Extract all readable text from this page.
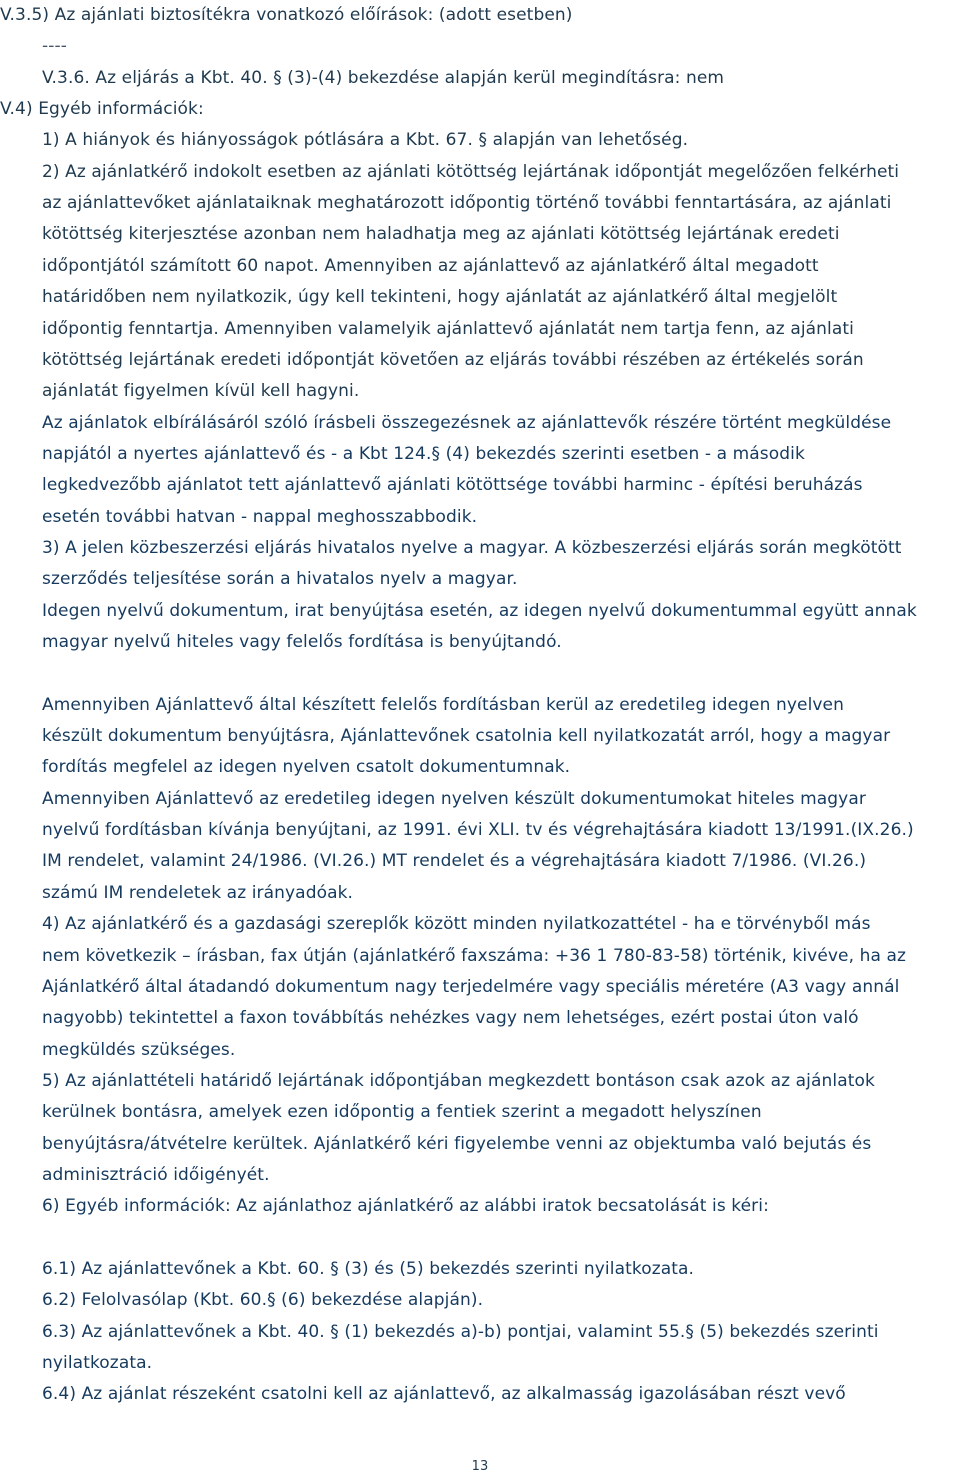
V.3.5) Az ajánlati biztosítékra vonatkozó előírások: (adott esetben)
----
V.3.6. Az eljárás a Kbt. 40. § (3)-(4) bekezdése alapján kerül megindításra: nem
V.4) Egyéb információk:
1) A hiányok és hiányosságok pótlására a Kbt. 67. § alapján van lehetőség.
2) Az ajánlatkérő indokolt esetben az ajánlati kötöttség lejártának időpontját megelőzően felkérheti
az ajánlattevőket ajánlataiknak meghatározott időpontig történő további fenntartására, az ajánlati
kötöttség kiterjesztése azonban nem haladhatja meg az ajánlati kötöttség lejártának eredeti
időpontjától számított 60 napot. Amennyiben az ajánlattevő az ajánlatkérő által megadott
határidőben nem nyilatkozik, úgy kell tekinteni, hogy ajánlatát az ajánlatkérő által megjelölt
időpontig fenntartja. Amennyiben valamelyik ajánlattevő ajánlatát nem tartja fenn, az ajánlati
kötöttség lejártának eredeti időpontját követően az eljárás további részében az értékelés során
ajánlatát figyelmen kívül kell hagyni.
Az ajánlatok elbírálásáról szóló írásbeli összegezésnek az ajánlattevők részére történt megküldése
napjától a nyertes ajánlattevő és - a Kbt 124.§ (4) bekezdés szerinti esetben - a második
legkedvezőbb ajánlatot tett ajánlattevő ajánlati kötöttsége további harminc - építési beruházás
esetén további hatvan - nappal meghosszabbodik.
3) A jelen közbeszerzési eljárás hivatalos nyelve a magyar. A közbeszerzési eljárás során megkötött
szerződés teljesítése során a hivatalos nyelv a magyar.
Idegen nyelvű dokumentum, irat benyújtása esetén, az idegen nyelvű dokumentummal együtt annak
magyar nyelvű hiteles vagy felelős fordítása is benyújtandó.
Amennyiben Ajánlattevő által készített felelős fordításban kerül az eredetileg idegen nyelven
készült dokumentum benyújtásra, Ajánlattevőnek csatolnia kell nyilatkozatát arról, hogy a magyar
fordítás megfelel az idegen nyelven csatolt dokumentumnak.
Amennyiben Ajánlattevő az eredetileg idegen nyelven készült dokumentumokat hiteles magyar
nyelvű fordításban kívánja benyújtani, az 1991. évi XLI. tv és végrehajtására kiadott 13/1991.(IX.26.)
IM rendelet, valamint 24/1986. (VI.26.) MT rendelet és a végrehajtására kiadott 7/1986. (VI.26.)
számú IM rendeletek az irányadóak.
4) Az ajánlatkérő és a gazdasági szereplők között minden nyilatkozattétel - ha e törvényből más
nem következik – írásban, fax útján (ajánlatkérő faxszáma: +36 1 780-83-58) történik, kivéve, ha az
Ajánlatkérő által átadandó dokumentum nagy terjedelmére vagy speciális méretére (A3 vagy annál
nagyobb) tekintettel a faxon továbbítás nehézkes vagy nem lehetséges, ezért postai úton való
megküldés szükséges.
5) Az ajánlattételi határidő lejártának időpontjában megkezdett bontáson csak azok az ajánlatok
kerülnek bontásra, amelyek ezen időpontig a fentiek szerint a megadott helyszínen
benyújtásra/átvételre kerültek. Ajánlatkérő kéri figyelembe venni az objektumba való bejutás és
adminisztráció időigényét.
6) Egyéb információk: Az ajánlathoz ajánlatkérő az alábbi iratok becsatolását is kéri:
6.1) Az ajánlattevőnek a Kbt. 60. § (3) és (5) bekezdés szerinti nyilatkozata.
6.2) Felolvasólap (Kbt. 60.§ (6) bekezdése alapján).
6.3) Az ajánlattevőnek a Kbt. 40. § (1) bekezdés a)-b) pontjai, valamint 55.§ (5) bekezdés szerinti
nyilatkozata.
6.4) Az ajánlat részeként csatolni kell az ajánlattevő, az alkalmasság igazolásában részt vevő
13
